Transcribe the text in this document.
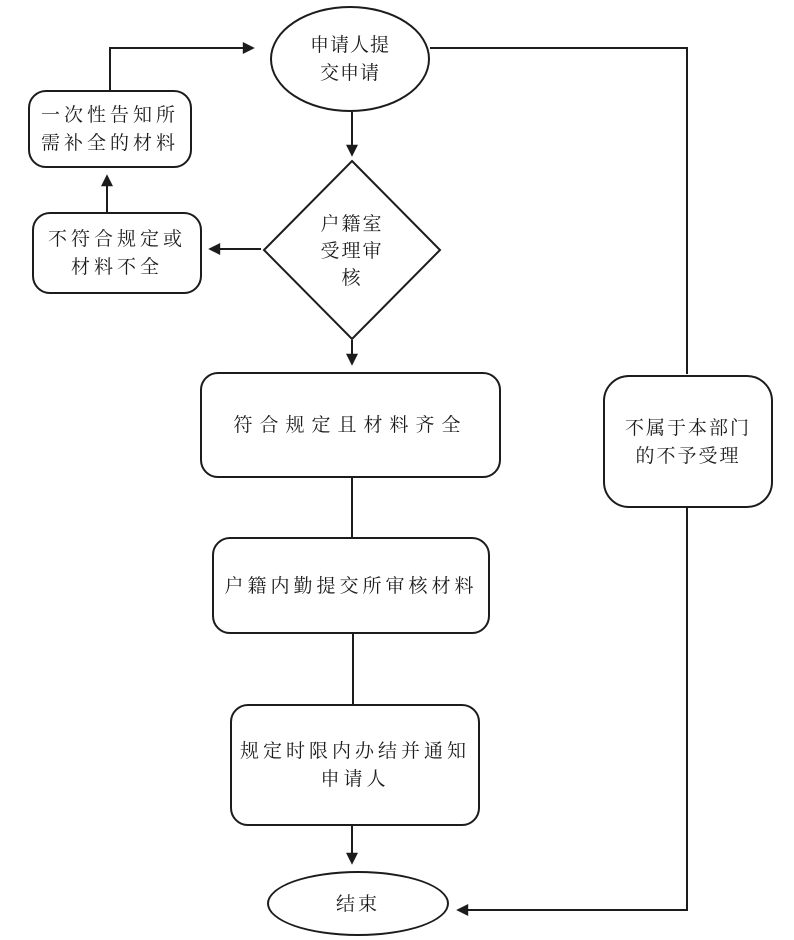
申请人提
交申请
户籍室
受理审
核
一次性告知所
需补全的材料
不符合规定或
材料不全
符合规定且材料齐全
户籍内勤提交所审核材料
规定时限内办结并通知
申请人
不属于本部门
的不予受理
结束
